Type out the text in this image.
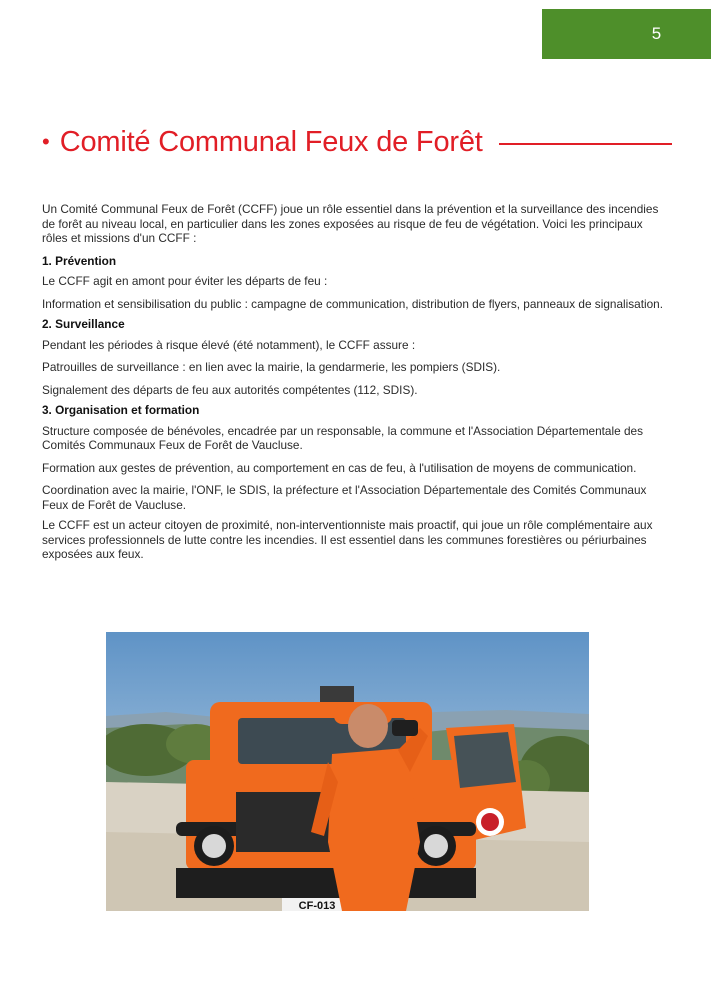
5
• Comité Communal Feux de Forêt

Un Comité Communal Feux de Forêt (CCFF) joue un rôle essentiel dans la prévention et la surveillance des incendies de forêt au niveau local, en particulier dans les zones exposées au risque de feu de végétation. Voici les principaux rôles et missions d'un CCFF :

1. Prévention

Le CCFF agit en amont pour éviter les départs de feu :

Information et sensibilisation du public : campagne de communication, distribution de flyers, panneaux de signalisation.

2. Surveillance

Pendant les périodes à risque élevé (été notamment), le CCFF assure :

Patrouilles de surveillance : en lien avec la mairie, la gendarmerie, les pompiers (SDIS).

Signalement des départs de feu aux autorités compétentes (112, SDIS).

3. Organisation et formation

Structure composée de bénévoles, encadrée par un responsable, la commune et l'Association Départementale des Comités Communaux Feux de Forêt de Vaucluse.

Formation aux gestes de prévention, au comportement en cas de feu, à l'utilisation de moyens de communication.

Coordination avec la mairie, l'ONF, le SDIS, la préfecture et l'Association Départementale des Comités Communaux Feux de Forêt de Vaucluse.

Le CCFF est un acteur citoyen de proximité, non-interventionniste mais proactif, qui joue un rôle complémentaire aux services professionnels de lutte contre les incendies. Il est essentiel dans les communes forestières ou périurbaines exposées aux feux.

CF-013
